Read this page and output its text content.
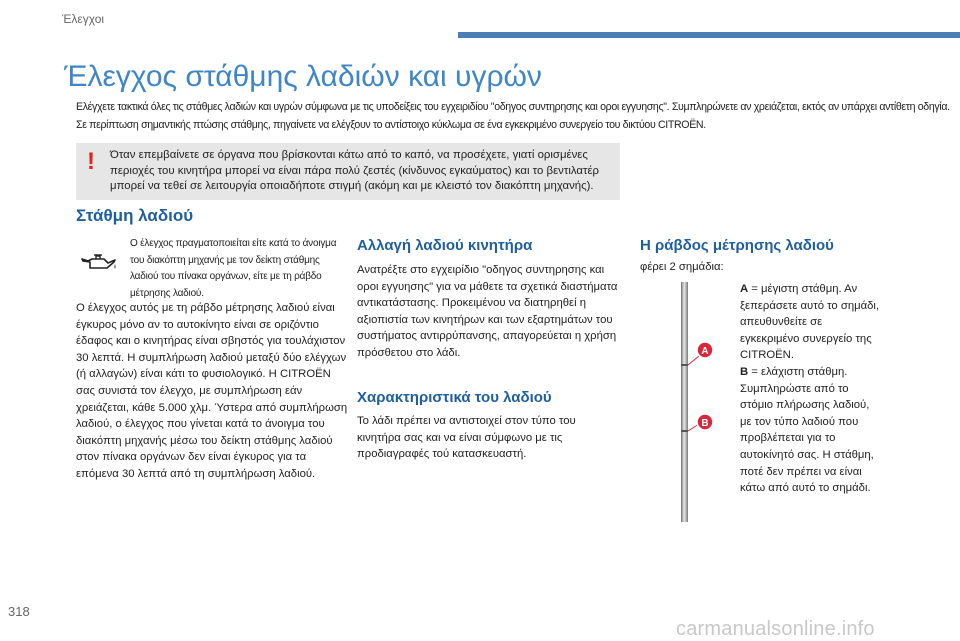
Έλεγχοι
Έλεγχος στάθμης λαδιών και υγρών

Ελέγχετε τακτικά όλες τις στάθμες λαδιών και υγρών σύμφωνα με τις υποδείξεις του εγχειριδίου "οδηγος συντηρησης και οροι εγγυησης". Συμπληρώνετε αν χρειάζεται, εκτός αν υπάρχει αντίθετη οδηγία.

Σε περίπτωση σημαντικής πτώσης στάθμης, πηγαίνετε να ελέγξουν το αντίστοιχο κύκλωμα σε ένα εγκεκριμένο συνεργείο του δικτύου CITROËN.

! Όταν επεμβαίνετε σε όργανα που βρίσκονται κάτω από το καπό, να προσέχετε, γιατί ορισμένες περιοχές του κινητήρα μπορεί να είναι πάρα πολύ ζεστές (κίνδυνος εγκαύματος) και το βεντιλατέρ μπορεί να τεθεί σε λειτουργία οποιαδήποτε στιγμή (ακόμη και με κλειστό τον διακόπτη μηχανής).
Στάθμη λαδιού
Ο έλεγχος πραγματοποιείται είτε κατά το άνοιγμα του διακόπτη μηχανής με τον δείκτη στάθμης λαδιού του πίνακα οργάνων, είτε με τη ράβδο μέτρησης λαδιού.
Ο έλεγχος αυτός με τη ράβδο μέτρησης λαδιού είναι έγκυρος μόνο αν το αυτοκίνητο είναι σε οριζόντιο έδαφος και ο κινητήρας είναι σβηστός για τουλάχιστον 30 λεπτά. Η συμπλήρωση λαδιού μεταξύ δύο ελέγχων (ή αλλαγών) είναι κάτι το φυσιολογικό. Η CITROËN σας συνιστά τον έλεγχο, με συμπλήρωση εάν χρειάζεται, κάθε 5.000 χλμ. Ύστερα από συμπλήρωση λαδιού, ο έλεγχος που γίνεται κατά το άνοιγμα του διακόπτη μηχανής μέσω του δείκτη στάθμης λαδιού στον πίνακα οργάνων δεν είναι έγκυρος για τα επόμενα 30 λεπτά από τη συμπλήρωση λαδιού.
Αλλαγή λαδιού κινητήρα
Ανατρέξτε στο εγχειρίδιο "οδηγος συντηρησης και οροι εγγυησης" για να μάθετε τα σχετικά διαστήματα αντικατάστασης. Προκειμένου να διατηρηθεί η αξιοπιστία των κινητήρων και των εξαρτημάτων του συστήματος αντιρρύπανσης, απαγορεύεται η χρήση πρόσθετου στο λάδι.
Χαρακτηριστικά του λαδιού
Το λάδι πρέπει να αντιστοιχεί στον τύπο του κινητήρα σας και να είναι σύμφωνο με τις προδιαγραφές τού κατασκευαστή.
Η ράβδος μέτρησης λαδιού
φέρει 2 σημάδια:
A
B
A = μέγιστη στάθμη. Αν ξεπεράσετε αυτό το σημάδι, απευθυνθείτε σε εγκεκριμένο συνεργείο της CITROËN.
B = ελάχιστη στάθμη. Συμπληρώστε από το στόμιο πλήρωσης λαδιού, με τον τύπο λαδιού που προβλέπεται για το αυτοκίνητό σας. Η στάθμη, ποτέ δεν πρέπει να είναι κάτω από αυτό το σημάδι.
318
carmanualsonline.info
